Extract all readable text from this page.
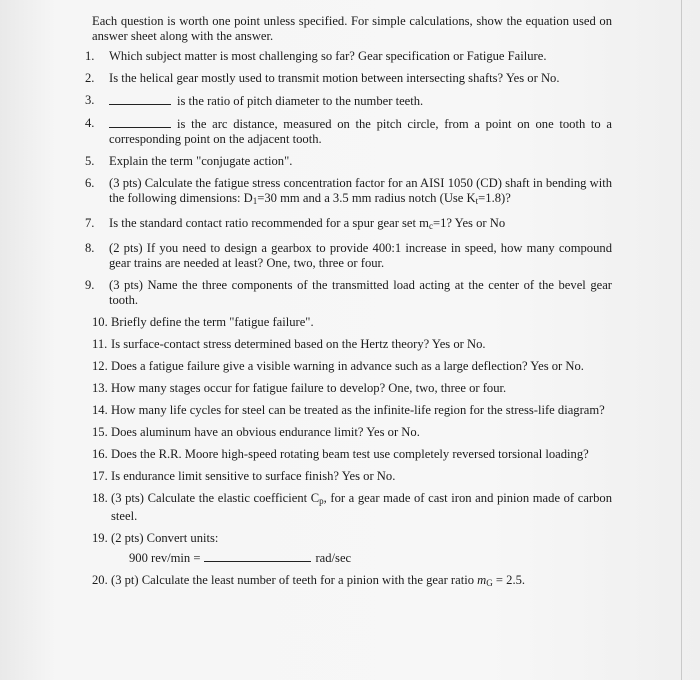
Each question is worth one point unless specified. For simple calculations, show the equation used on answer sheet along with the answer.

1. Which subject matter is most challenging so far? Gear specification or Fatigue Failure.
2. Is the helical gear mostly used to transmit motion between intersecting shafts? Yes or No.
3.	is the ratio of pitch diameter to the number teeth.
4.	is the arc distance, measured on the pitch circle, from a point on one tooth to a corresponding point on the adjacent tooth.
5. Explain the term "conjugate action".
6. (3 pts) Calculate the fatigue stress concentration factor for an AISI 1050 (CD) shaft in bending with the following dimensions: $D_1=30$ mm and a 3.5 mm radius notch (Use $K_t=1.8$)?
7. Is the standard contact ratio recommended for a spur gear set $m_c=1$? Yes or No
8. (2 pts) If you need to design a gearbox to provide 400:1 increase in speed, how many compound gear trains are needed at least? One, two, three or four.
9. (3 pts) Name the three components of the transmitted load acting at the center of the bevel gear tooth.
10. Briefly define the term "fatigue failure".
11. Is surface-contact stress determined based on the Hertz theory? Yes or No.
12. Does a fatigue failure give a visible warning in advance such as a large deflection? Yes or No.
13. How many stages occur for fatigue failure to develop? One, two, three or four.
14. How many life cycles for steel can be treated as the infinite-life region for the stress-life diagram?
15. Does aluminum have an obvious endurance limit? Yes or No.
16. Does the R.R. Moore high-speed rotating beam test use completely reversed torsional loading?
17. Is endurance limit sensitive to surface finish? Yes or No.
18. (3 pts) Calculate the elastic coefficient $C_p$, for a gear made of cast iron and pinion made of carbon steel.
19. (2 pts) Convert units:
900 rev/min =	rad/sec
20. (3 pt) Calculate the least number of teeth for a pinion with the gear ratio $m_G = 2.5$.
